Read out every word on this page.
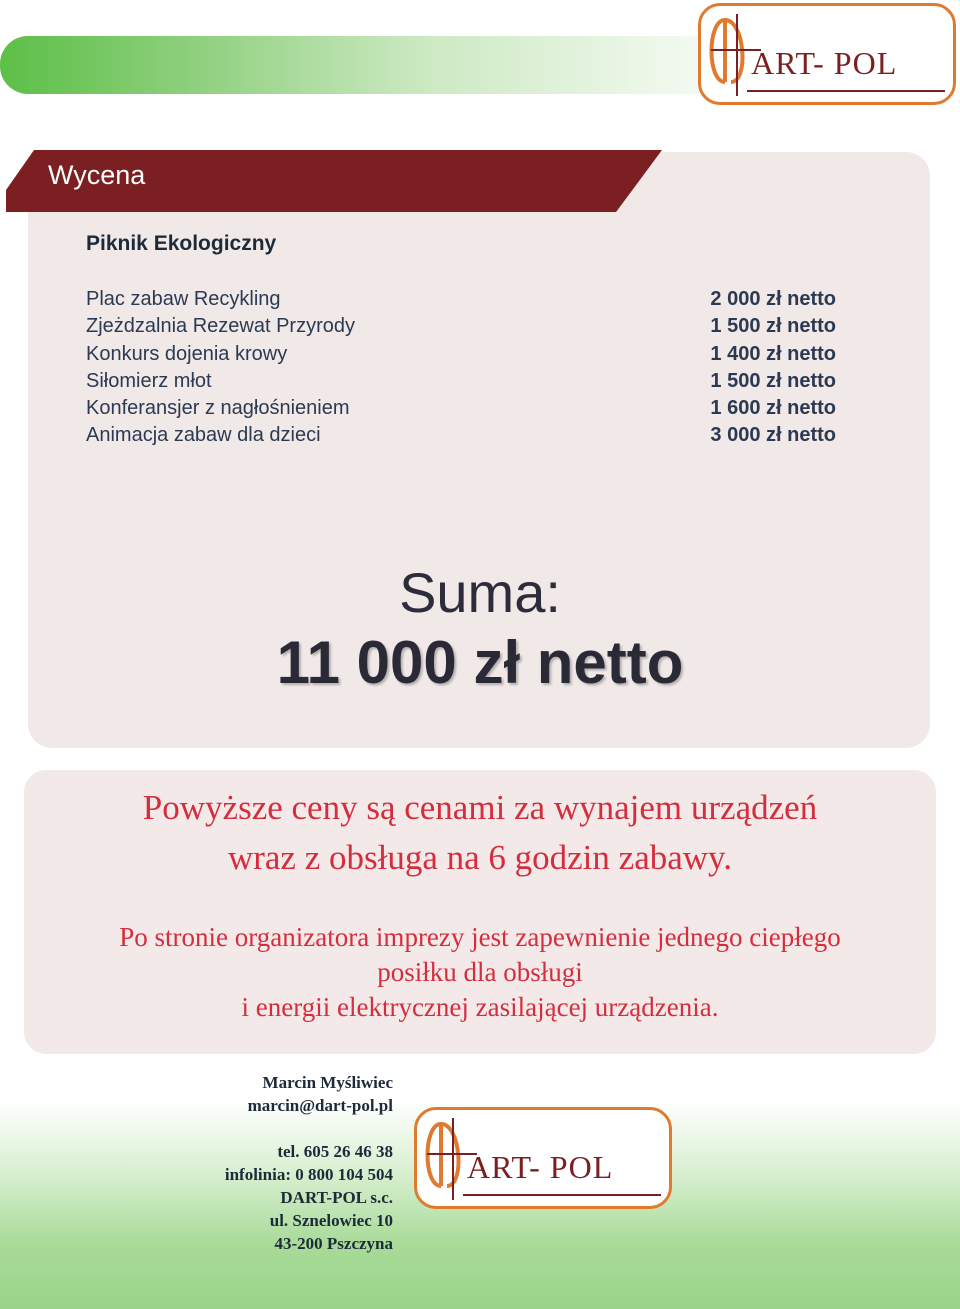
ART- POL
Wycena
Piknik Ekologiczny
Plac zabaw Recykling
Zjeżdzalnia Rezewat Przyrody
Konkurs dojenia krowy
Siłomierz młot
Konferansjer z nagłośnieniem
Animacja zabaw dla dzieci
2 000 zł netto
1 500 zł netto
1 400 zł netto
1 500 zł netto
1 600 zł netto
3 000 zł netto
Suma:
11 000 zł netto
Powyższe ceny są cenami za wynajem urządzeń
wraz z obsługa na 6 godzin zabawy.
Po stronie organizatora imprezy jest zapewnienie jednego ciepłego
posiłku dla obsługi
i energii elektrycznej zasilającej urządzenia.
Marcin Myśliwiec
marcin@dart-pol.pl
tel. 605 26 46 38
infolinia: 0 800 104 504
DART-POL s.c.
ul. Sznelowiec 10
43-200 Pszczyna
ART- POL
